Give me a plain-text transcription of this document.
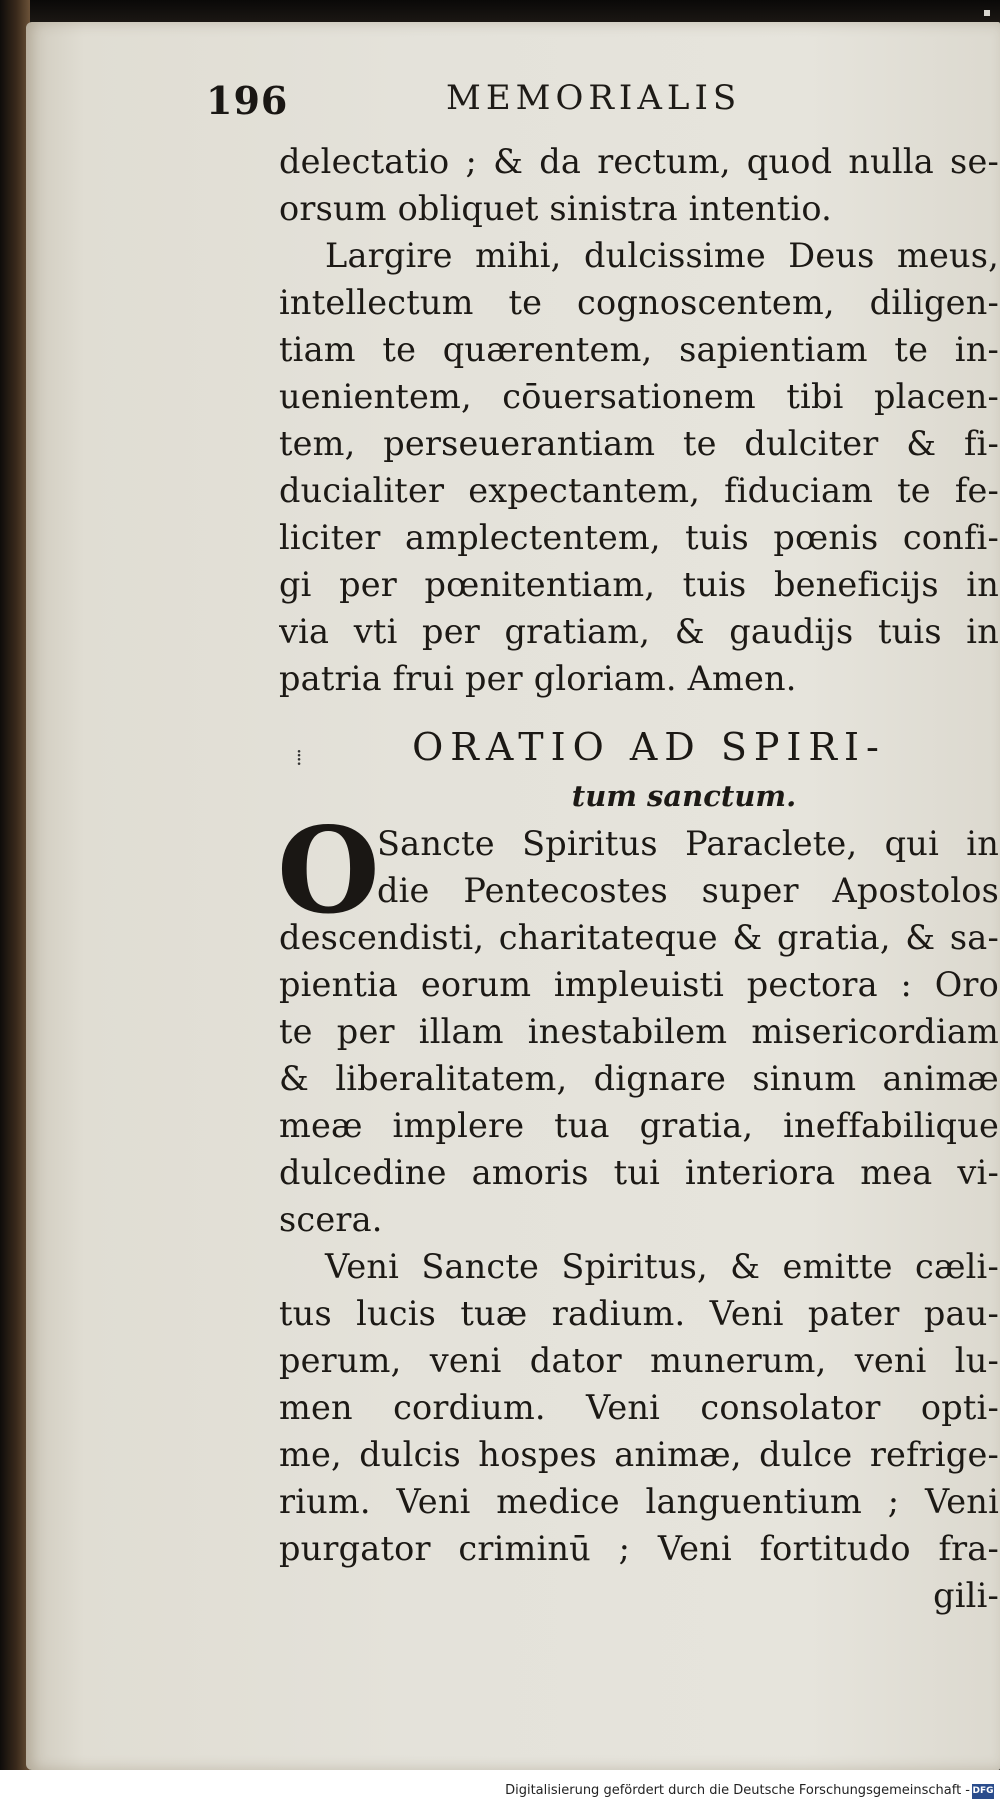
196	MEMORIALIS
⁞
delectatio ; & da rectum, quod nulla se-
orsum obliquet sinistra intentio.
Largire mihi, dulcissime Deus meus,
intellectum te cognoscentem, diligen-
tiam te quærentem, sapientiam te in-
uenientem, cōuersationem tibi placen-
tem, perseuerantiam te dulciter & fi-
ducialiter expectantem, fiduciam te fe-
liciter amplectentem, tuis pœnis confi-
gi per pœnitentiam, tuis beneficijs in
via vti per gratiam, & gaudijs tuis in
patria frui per gloriam. Amen.
ORATIO AD SPIRI-
tum sanctum.
O
Sancte Spiritus Paraclete, qui in
die Pentecostes super Apostolos
descendisti, charitateque & gratia, & sa-
pientia eorum impleuisti pectora : Oro
te per illam inestabilem misericordiam
& liberalitatem, dignare sinum animæ
meæ implere tua gratia, ineffabilique
dulcedine amoris tui interiora mea vi-
scera.
Veni Sancte Spiritus, & emitte cæli-
tus lucis tuæ radium. Veni pater pau-
perum, veni dator munerum, veni lu-
men cordium. Veni consolator opti-
me, dulcis hospes animæ, dulce refrige-
rium. Veni medice languentium ; Veni
purgator criminū ; Veni fortitudo fra-
gili-
Digitalisierung gefördert durch die Deutsche Forschungsgemeinschaft - DFG
